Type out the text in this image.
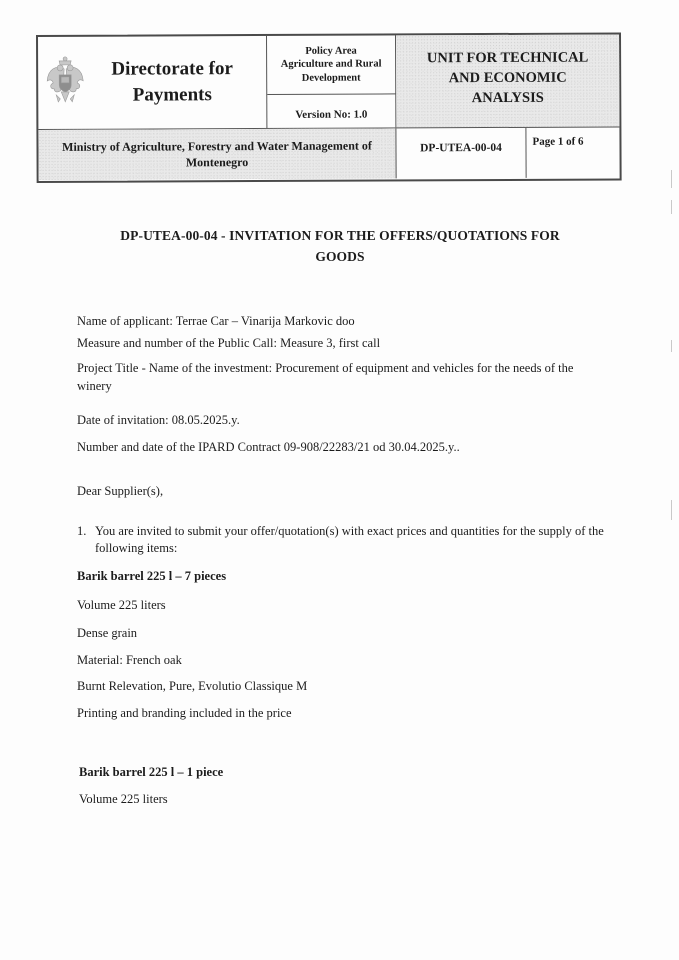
Directorate for
Payments
Policy Area
Agriculture and Rural
Development
Version No: 1.0
UNIT FOR TECHNICAL
AND ECONOMIC
ANALYSIS
Ministry of Agriculture, Forestry and Water Management of
Montenegro
DP-UTEA-00-04
Page 1 of 6
DP-UTEA-00-04 - INVITATION FOR THE OFFERS/QUOTATIONS FOR
GOODS
Name of applicant: Terrae Car – Vinarija Markovic doo
Measure and number of the Public Call: Measure 3, first call
Project Title - Name of the investment: Procurement of equipment and vehicles for the needs of the winery
Date of invitation: 08.05.2025.y.
Number and date of the IPARD Contract 09-908/22283/21 od 30.04.2025.y..
Dear Supplier(s),
1. You are invited to submit your offer/quotation(s) with exact prices and quantities for the supply of the following items:
Barik barrel 225 l – 7 pieces
Volume 225 liters
Dense grain
Material: French oak
Burnt Relevation, Pure, Evolutio Classique M
Printing and branding included in the price
Barik barrel 225 l – 1 piece
Volume 225 liters
